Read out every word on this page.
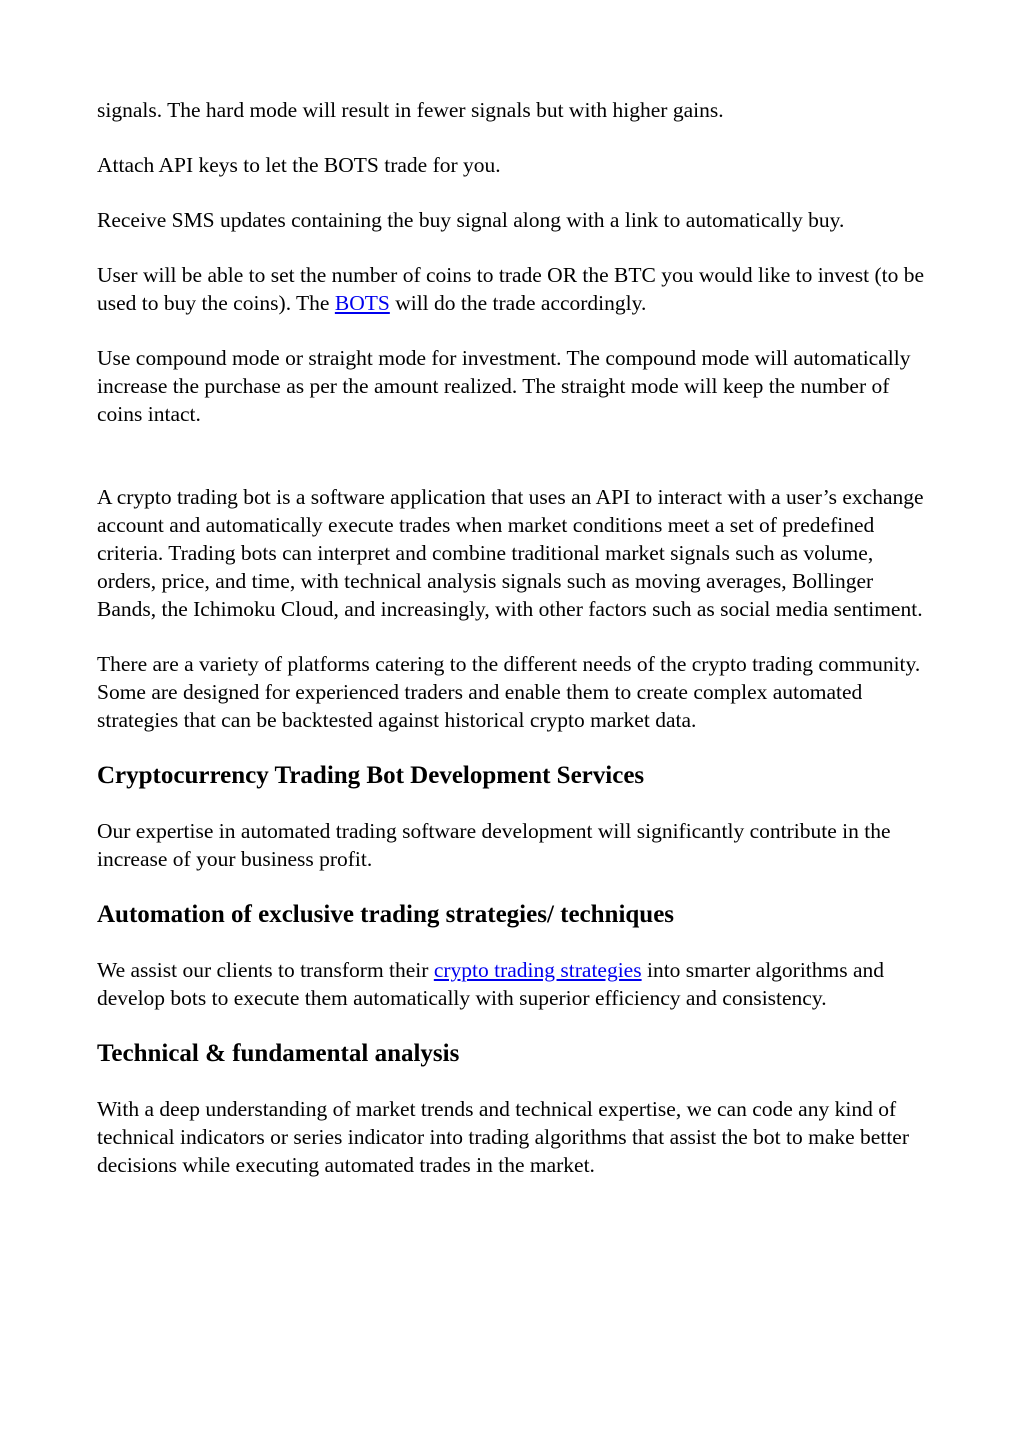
signals. The hard mode will result in fewer signals but with higher gains.

Attach API keys to let the BOTS trade for you.

Receive SMS updates containing the buy signal along with a link to automatically buy.

User will be able to set the number of coins to trade OR the BTC you would like to invest (to be used to buy the coins). The BOTS will do the trade accordingly.

Use compound mode or straight mode for investment. The compound mode will automatically increase the purchase as per the amount realized. The straight mode will keep the number of coins intact.

A crypto trading bot is a software application that uses an API to interact with a user’s exchange account and automatically execute trades when market conditions meet a set of predefined criteria. Trading bots can interpret and combine traditional market signals such as volume, orders, price, and time, with technical analysis signals such as moving averages, Bollinger Bands, the Ichimoku Cloud, and increasingly, with other factors such as social media sentiment.

There are a variety of platforms catering to the different needs of the crypto trading community. Some are designed for experienced traders and enable them to create complex automated strategies that can be backtested against historical crypto market data.

Cryptocurrency Trading Bot Development Services

Our expertise in automated trading software development will significantly contribute in the increase of your business profit.

Automation of exclusive trading strategies/ techniques

We assist our clients to transform their crypto trading strategies into smarter algorithms and develop bots to execute them automatically with superior efficiency and consistency.

Technical & fundamental analysis

With a deep understanding of market trends and technical expertise, we can code any kind of technical indicators or series indicator into trading algorithms that assist the bot to make better decisions while executing automated trades in the market.
